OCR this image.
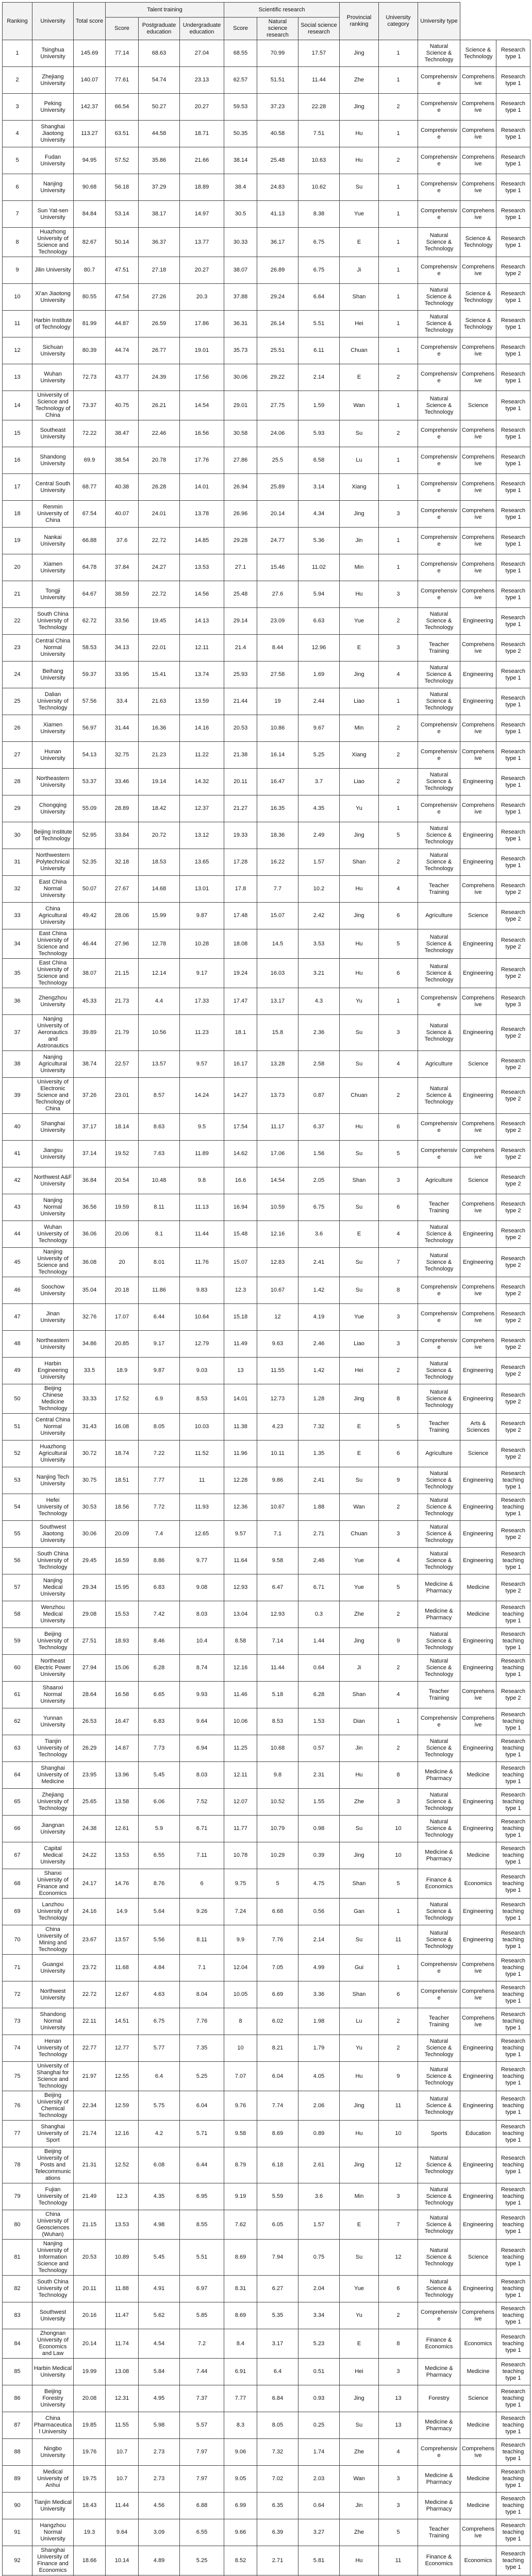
Ranking	University	Total score	Talent training			Scientific research			Provincial ranking	University category	University type		
			Score	Postgraduate education	Undergraduate education	Score	Natural science research	Social science research					
1	Tsinghua University	145.69	77.14	68.63	27.04	68.55	70.99	17.57	Jing	1	Natural Science & Technology	Science & Technology	Research type 1
2	Zhejiang University	140.07	77.61	54.74	23.13	62.57	51.51	11.44	Zhe	1	Comprehensive	Comprehensive	Research type 1
3	Peking University	142.37	66.54	50.27	20.27	59.53	37.23	22.28	Jing	2	Comprehensive	Comprehensive	Research type 1
4	Shanghai Jiaotong University	113.27	63.51	44.58	18.71	50.35	40.58	7.51	Hu	1	Comprehensive	Comprehensive	Research type 1
5	Fudan University	94.95	57.52	35.86	21.66	38.14	25.48	10.63	Hu	2	Comprehensive	Comprehensive	Research type 1
6	Nanjing University	90.68	56.18	37.29	18.89	38.4	24.83	10.62	Su	1	Comprehensive	Comprehensive	Research type 1
7	Sun Yat-sen University	84.84	53.14	38.17	14.97	30.5	41.13	8.38	Yue	1	Comprehensive	Comprehensive	Research type 1
8	Huazhong University of Science and Technology	82.67	50.14	36.37	13.77	30.33	36.17	6.75	E	1	Natural Science & Technology	Science & Technology	Research type 1
9	Jilin University	80.7	47.51	27.18	20.27	38.07	26.89	6.75	Ji	1	Comprehensive	Comprehensive	Research type 2
10	Xi'an Jiaotong University	80.55	47.54	27.26	20.3	37.88	29.24	6.64	Shan	1	Natural Science & Technology	Science & Technology	Research type 1
11	Harbin Institute of Technology	81.99	44.87	26.59	17.86	36.31	26.14	5.51	Hei	1	Natural Science & Technology	Science & Technology	Research type 1
12	Sichuan University	80.39	44.74	26.77	19.01	35.73	25.51	6.11	Chuan	1	Comprehensive	Comprehensive	Research type 1
13	Wuhan University	72.73	43.77	24.39	17.56	30.06	29.22	2.14	E	2	Comprehensive	Comprehensive	Research type 1
14	University of Science and Technology of China	73.37	40.75	26.21	14.54	29.01	27.75	1.59	Wan	1	Natural Science & Technology	Science	Research type 1
15	Southeast University	72.22	38.47	22.46	16.56	30.58	24.06	5.93	Su	2	Comprehensive	Comprehensive	Research type 1
16	Shandong University	69.9	38.54	20.78	17.76	27.86	25.5	6.58	Lu	1	Comprehensive	Comprehensive	Research type 1
17	Central South University	68.77	40.38	26.28	14.01	26.94	25.89	3.14	Xiang	1	Comprehensive	Comprehensive	Research type 1
18	Renmin University of China	67.54	40.07	24.01	13.78	26.96	20.14	4.34	Jing	3	Comprehensive	Comprehensive	Research type 1
19	Nankai University	66.88	37.6	22.72	14.85	29.28	24.77	5.36	Jin	1	Comprehensive	Comprehensive	Research type 1
20	Xiamen University	64.78	37.84	24.27	13.53	27.1	15.46	11.02	Min	1	Comprehensive	Comprehensive	Research type 1
21	Tongji University	64.67	38.59	22.72	14.56	25.48	27.6	5.94	Hu	3	Comprehensive	Comprehensive	Research type 1
22	South China University of Technology	62.72	33.56	19.45	14.13	29.14	23.09	6.63	Yue	2	Natural Science & Technology	Engineering	Research type 1
23	Central China Normal University	58.53	34.13	22.01	12.11	21.4	8.44	12.96	E	3	Teacher Training	Comprehensive	Research type 2
24	Beihang University	59.37	33.95	15.41	13.74	25.93	27.58	1.69	Jing	4	Natural Science & Technology	Engineering	Research type 1
25	Dalian University of Technology	57.56	33.4	21.63	13.59	21.44	19	2.44	Liao	1	Natural Science & Technology	Engineering	Research type 1
26	Xiamen University	56.97	31.44	16.36	14.16	20.53	10.86	9.67	Min	2	Comprehensive	Comprehensive	Research type 1
27	Hunan University	54.13	32.75	21.23	11.22	21.38	16.14	5.25	Xiang	2	Comprehensive	Comprehensive	Research type 1
28	Northeastern University	53.37	33.46	19.14	14.32	20.11	16.47	3.7	Liao	2	Natural Science & Technology	Engineering	Research type 1
29	Chongqing University	55.09	28.89	18.42	12.37	21.27	16.35	4.35	Yu	1	Comprehensive	Comprehensive	Research type 1
30	Beijing Institute of Technology	52.95	33.84	20.72	13.12	19.33	18.36	2.49	Jing	5	Natural Science & Technology	Engineering	Research type 1
31	Northwestern Polytechnical University	52.35	32.18	18.53	13.65	17.28	16.22	1.57	Shan	2	Natural Science & Technology	Engineering	Research type 1
32	East China Normal University	50.07	27.67	14.68	13.01	17.8	7.7	10.2	Hu	4	Teacher Training	Comprehensive	Research type 2
33	China Agricultural University	49.42	28.06	15.99	9.87	17.48	15.07	2.42	Jing	6	Agriculture	Science	Research type 2
34	East China University of Science and Technology	46.44	27.96	12.78	10.28	18.08	14.5	3.53	Hu	5	Natural Science & Technology	Engineering	Research type 2
35	East China University of Science and Technology	38.07	21.15	12.14	9.17	19.24	16.03	3.21	Hu	6	Natural Science & Technology	Engineering	Research type 2
36	Zhengzhou University	45.33	21.73	4.4	17.33	17.47	13.17	4.3	Yu	1	Comprehensive	Comprehensive	Research type 3
37	Nanjing University of Aeronautics and Astronautics	39.89	21.79	10.56	11.23	18.1	15.8	2.36	Su	3	Natural Science & Technology	Engineering	Research type 2
38	Nanjing Agricultural University	38.74	22.57	13.57	9.57	16.17	13.28	2.58	Su	4	Agriculture	Science	Research type 2
39	University of Electronic Science and Technology of China	37.26	23.01	8.57	14.24	14.27	13.73	0.87	Chuan	2	Natural Science & Technology	Engineering	Research type 2
40	Shanghai University	37.17	18.14	8.63	9.5	17.54	11.17	6.37	Hu	6	Comprehensive	Comprehensive	Research type 2
41	Jiangsu University	37.14	19.52	7.63	11.89	14.62	17.06	1.56	Su	5	Comprehensive	Comprehensive	Research type 2
42	Northwest A&F University	36.84	20.54	10.48	9.8	16.6	14.54	2.05	Shan	3	Agriculture	Science	Research type 2
43	Nanjing Normal University	36.56	19.59	8.11	11.13	16.94	10.59	6.75	Su	6	Teacher Training	Comprehensive	Research type 2
44	Wuhan University of Technology	36.06	20.06	8.1	11.44	15.48	12.16	3.6	E	4	Natural Science & Technology	Engineering	Research type 2
45	Nanjing University of Science and Technology	36.08	20	8.01	11.76	15.07	12.83	2.41	Su	7	Natural Science & Technology	Engineering	Research type 2
46	Soochow University	35.04	20.18	11.86	9.83	12.3	10.67	1.42	Su	8	Comprehensive	Comprehensive	Research type 2
47	Jinan University	32.76	17.07	6.44	10.64	15.18	12	4.19	Yue	3	Comprehensive	Comprehensive	Research type 2
48	Northeastern University	34.86	20.85	9.17	12.79	11.49	9.63	2.46	Liao	3	Comprehensive	Comprehensive	Research type 2
49	Harbin Engineering University	33.5	18.9	9.87	9.03	13	11.55	1.42	Hei	2	Natural Science & Technology	Engineering	Research type 2
50	Beijing Chinese Medicine Technology	33.33	17.52	6.9	8.53	14.01	12.73	1.28	Jing	8	Natural Science & Technology	Engineering	Research type 2
51	Central China Normal University	31.43	16.08	8.05	10.03	11.38	4.23	7.32	E	5	Teacher Training	Arts & Sciences	Research type 2
52	Huazhong Agricultural University	30.72	18.74	7.22	11.52	11.96	10.11	1.35	E	6	Agriculture	Science	Research type 2
53	Nanjing Tech University	30.75	18.51	7.77	11	12.28	9.86	2.41	Su	9	Natural Science & Technology	Engineering	Research teaching type 1
54	Hefei University of Technology	30.53	18.56	7.72	11.93	12.36	10.67	1.88	Wan	2	Natural Science & Technology	Engineering	Research teaching type 1
55	Southwest Jiaotong University	30.06	20.09	7.4	12.65	9.57	7.1	2.71	Chuan	3	Natural Science & Technology	Engineering	Research type 2
56	South China University of Technology	29.45	16.59	8.86	9.77	11.64	9.58	2.46	Yue	4	Natural Science & Technology	Engineering	Research teaching type 1
57	Nanjing Medical University	29.34	15.95	6.83	9.08	12.93	6.47	6.71	Yue	5	Medicine & Pharmacy	Medicine	Research type 2
58	Wenzhou Medical University	29.08	15.53	7.42	8.03	13.04	12.93	0.3	Zhe	2	Medicine & Pharmacy	Medicine	Research teaching type 1
59	Beijing University of Technology	27.51	18.93	8.46	10.4	8.58	7.14	1.44	Jing	9	Natural Science & Technology	Engineering	Research teaching type 1
60	Northeast Electric Power University	27.94	15.06	6.28	8.74	12.16	11.44	0.64	Ji	2	Natural Science & Technology	Engineering	Research teaching type 1
61	Shaanxi Normal University	28.64	16.58	6.65	9.93	11.46	5.18	6.28	Shan	4	Teacher Training	Comprehensive	Research type 2
62	Yunnan University	26.53	16.47	6.83	9.64	10.06	8.53	1.53	Dian	1	Comprehensive	Comprehensive	Research teaching type 1
63	Tianjin University of Technology	26.29	14.67	7.73	6.94	11.25	10.68	0.57	Jin	2	Natural Science & Technology	Engineering	Research teaching type 1
64	Shanghai University of Medicine	23.95	13.96	5.45	8.03	12.11	9.8	2.31	Hu	8	Medicine & Pharmacy	Medicine	Research teaching type 1
65	Zhejiang University of Technology	25.65	13.58	6.06	7.52	12.07	10.52	1.55	Zhe	3	Natural Science & Technology	Engineering	Research teaching type 1
66	Jiangnan University	24.38	12.61	5.9	6.71	11.77	10.79	0.98	Su	10	Natural Science & Technology	Engineering	Research teaching type 1
67	Capital Medical University	24.22	13.53	6.55	7.11	10.78	10.29	0.39	Jing	10	Medicine & Pharmacy	Medicine	Research teaching type 1
68	Shanxi University of Finance and Economics	24.17	14.76	8.76	6	9.75	5	4.75	Shan	5	Finance & Economics	Economics	Research teaching type 1
69	Lanzhou University of Technology	24.16	14.9	5.64	9.26	7.24	6.68	0.56	Gan	1	Natural Science & Technology	Engineering	Research teaching type 1
70	China University of Mining and Technology	23.67	13.57	5.56	8.11	9.9	7.76	2.14	Su	11	Natural Science & Technology	Engineering	Research teaching type 1
71	Guangxi University	23.72	11.68	4.84	7.1	12.04	7.05	4.99	Gui	1	Comprehensive	Comprehensive	Research teaching type 1
72	Northwest University	22.72	12.67	4.63	8.04	10.05	6.69	3.36	Shan	6	Comprehensive	Comprehensive	Research teaching type 1
73	Shandong Normal University	22.11	14.51	6.75	7.76	8	6.02	1.98	Lu	2	Teacher Training	Comprehensive	Research teaching type 1
74	Henan University of Technology	22.77	12.77	5.77	7.35	10	8.21	1.79	Yu	2	Natural Science & Technology	Engineering	Research teaching type 1
75	University of Shanghai for Science and Technology	21.97	12.55	6.4	5.25	7.07	6.04	4.05	Hu	9	Natural Science & Technology	Engineering	Research teaching type 1
76	Beijing University of Chemical Technology	22.34	12.59	5.75	6.04	9.76	7.74	2.06	Jing	11	Natural Science & Technology	Engineering	Research teaching type 1
77	Shanghai University of Sport	21.74	12.16	4.2	5.71	9.58	8.69	0.89	Hu	10	Sports	Education	Research teaching type 1
78	Beijing University of Posts and Telecommunications	21.31	12.52	6.08	6.44	8.79	6.18	2.61	Jing	12	Natural Science & Technology	Engineering	Research teaching type 1
79	Fujian University of Technology	21.49	12.3	4.35	6.95	9.19	5.59	3.6	Min	3	Natural Science & Technology	Engineering	Research teaching type 1
80	China University of Geosciences (Wuhan)	21.15	13.53	4.98	8.55	7.62	6.05	1.57	E	7	Natural Science & Technology	Engineering	Research teaching type 1
81	Nanjing University of Information Science and Technology	20.53	10.89	5.45	5.51	8.69	7.94	0.75	Su	12	Natural Science & Technology	Science	Research teaching type 1
82	South China University of Technology	20.11	11.88	4.91	6.97	8.31	6.27	2.04	Yue	6	Natural Science & Technology	Engineering	Research teaching type 1
83	Southwest University	20.16	11.47	5.62	5.85	8.69	5.35	3.34	Yu	2	Comprehensive	Comprehensive	Research teaching type 1
84	Zhongnan University of Economics and Law	20.14	11.74	4.54	7.2	8.4	3.17	5.23	E	8	Finance & Economics	Economics	Research teaching type 1
85	Harbin Medical University	19.99	13.08	5.84	7.44	6.91	6.4	0.51	Hei	3	Medicine & Pharmacy	Medicine	Research teaching type 1
86	Beijing Forestry University	20.08	12.31	4.95	7.37	7.77	6.84	0.93	Jing	13	Forestry	Science	Research teaching type 1
87	China Pharmaceutical University	19.85	11.55	5.98	5.57	8.3	8.05	0.25	Su	13	Medicine & Pharmacy	Medicine	Research teaching type 1
88	Ningbo University	19.76	10.7	2.73	7.97	9.06	7.32	1.74	Zhe	4	Comprehensive	Comprehensive	Research teaching type 1
89	Medical University of Anhui	19.75	10.7	2.73	7.97	9.05	7.02	2.03	Wan	3	Medicine & Pharmacy	Medicine	Research teaching type 1
90	Tianjin Medical University	18.43	11.44	4.56	6.88	6.99	6.35	0.64	Jin	3	Medicine & Pharmacy	Medicine	Research teaching type 1
91	Hangzhou Normal University	19.3	9.64	3.09	6.55	9.66	6.39	3.27	Zhe	5	Teacher Training	Comprehensive	Research teaching type 1
92	Shanghai University of Finance and Economics	18.66	10.14	4.89	5.25	8.52	2.71	5.81	Hu	11	Finance & Economics	Economics	Research teaching type 1
